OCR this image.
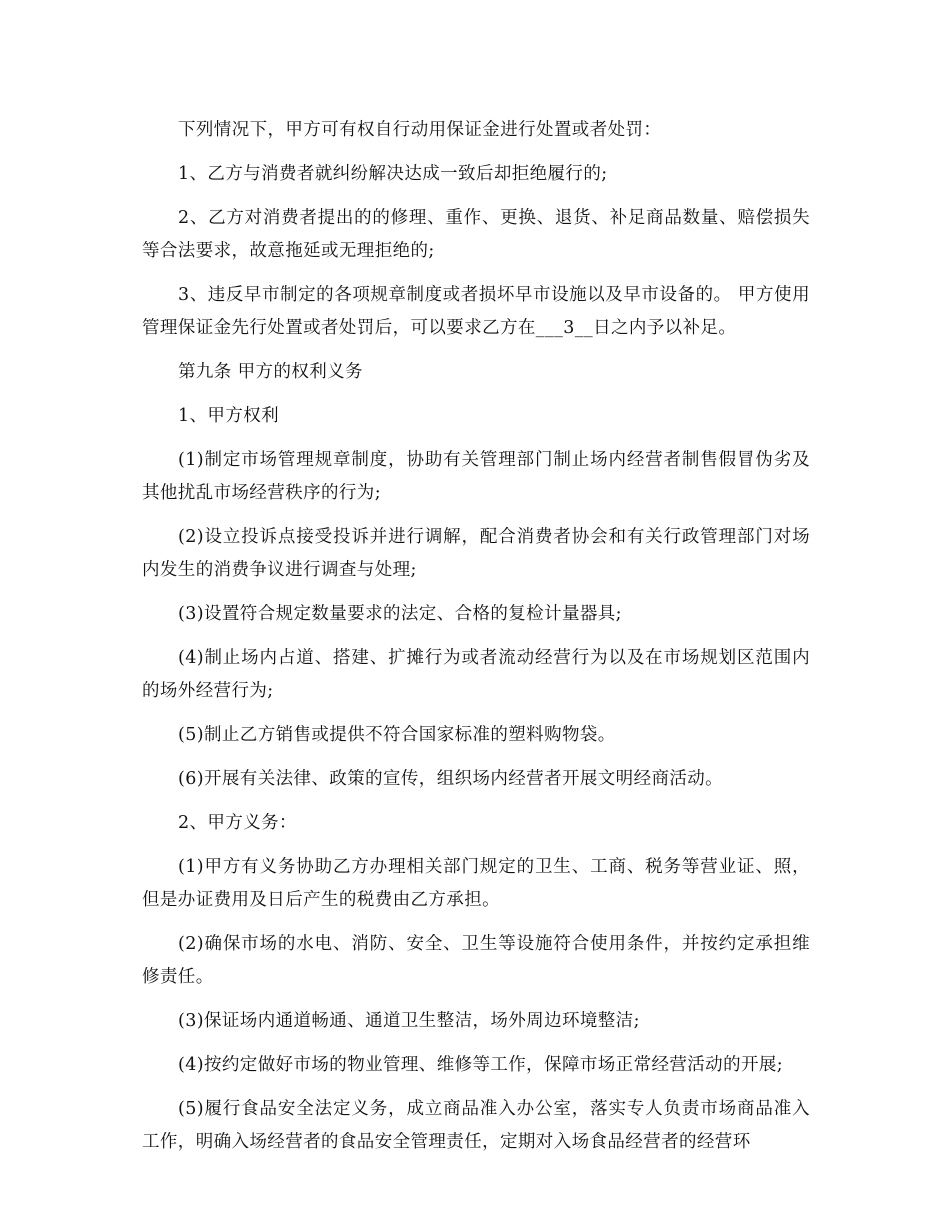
下列情况下，甲方可有权自行动用保证金进行处置或者处罚：

1、乙方与消费者就纠纷解决达成一致后却拒绝履行的;

2、乙方对消费者提出的的修理、重作、更换、退货、补足商品数量、赔偿损失等合法要求，故意拖延或无理拒绝的;

3、违反早市制定的各项规章制度或者损坏早市设施以及早市设备的。 甲方使用管理保证金先行处置或者处罚后，可以要求乙方在___3__日之内予以补足。

第九条 甲方的权利义务

1、甲方权利

(1)制定市场管理规章制度，协助有关管理部门制止场内经营者制售假冒伪劣及其他扰乱市场经营秩序的行为;

(2)设立投诉点接受投诉并进行调解，配合消费者协会和有关行政管理部门对场内发生的消费争议进行调查与处理;

(3)设置符合规定数量要求的法定、合格的复检计量器具;

(4)制止场内占道、搭建、扩摊行为或者流动经营行为以及在市场规划区范围内的场外经营行为;

(5)制止乙方销售或提供不符合国家标准的塑料购物袋。

(6)开展有关法律、政策的宣传，组织场内经营者开展文明经商活动。

2、甲方义务：

(1)甲方有义务协助乙方办理相关部门规定的卫生、工商、税务等营业证、照，但是办证费用及日后产生的税费由乙方承担。

(2)确保市场的水电、消防、安全、卫生等设施符合使用条件，并按约定承担维修责任。

(3)保证场内通道畅通、通道卫生整洁，场外周边环境整洁;

(4)按约定做好市场的物业管理、维修等工作，保障市场正常经营活动的开展;

(5)履行食品安全法定义务，成立商品准入办公室，落实专人负责市场商品准入工作，明确入场经营者的食品安全管理责任，定期对入场食品经营者的经营环
